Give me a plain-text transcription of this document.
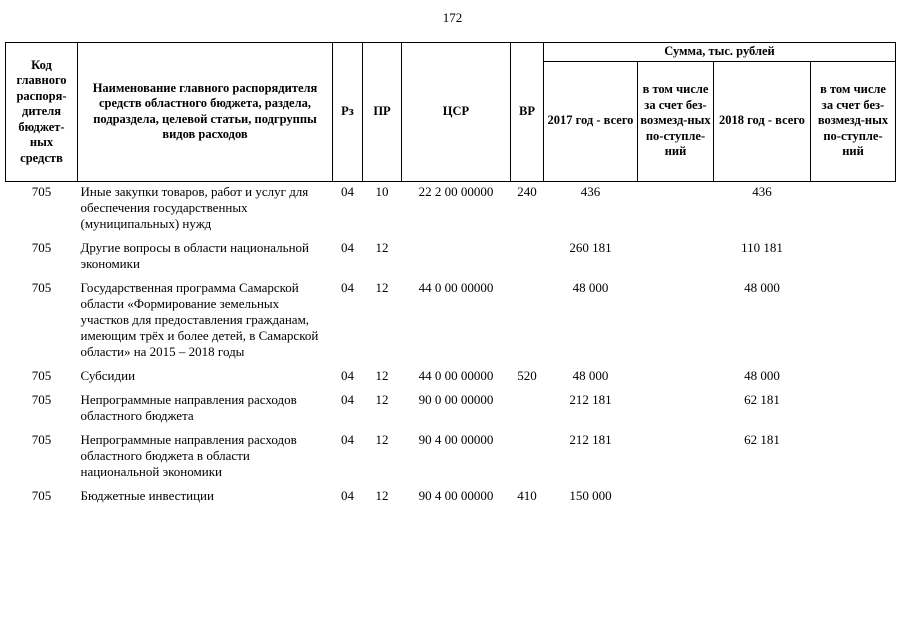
172
Код главного распоря-дителя бюджет-ных средств	Наименование главного распорядителя средств областного бюджета, раздела, подраздела, целевой статьи, подгруппы видов расходов	Рз	ПР	ЦСР	ВР	Сумма, тыс. рублей			
						2017 год - всего	в том числе за счет без-возмезд-ных по-ступле-ний	2018 год - всего	в том числе за счет без-возмезд-ных по-ступле-ний
705	Иные закупки товаров, работ и услуг для обеспечения государственных (муниципальных) нужд	04	10	22 2 00 00000	240	436		436	
705	Другие вопросы в области национальной экономики	04	12			260 181		110 181	
705	Государственная программа Самарской области «Формирование земельных участков для предоставления гражданам, имеющим трёх и более детей, в Самарской области» на 2015 – 2018 годы	04	12	44 0 00 00000		48 000		48 000	
705	Субсидии	04	12	44 0 00 00000	520	48 000		48 000	
705	Непрограммные направления расходов областного бюджета	04	12	90 0 00 00000		212 181		62 181	
705	Непрограммные направления расходов областного бюджета в области национальной экономики	04	12	90 4 00 00000		212 181		62 181	
705	Бюджетные инвестиции	04	12	90 4 00 00000	410	150 000			
